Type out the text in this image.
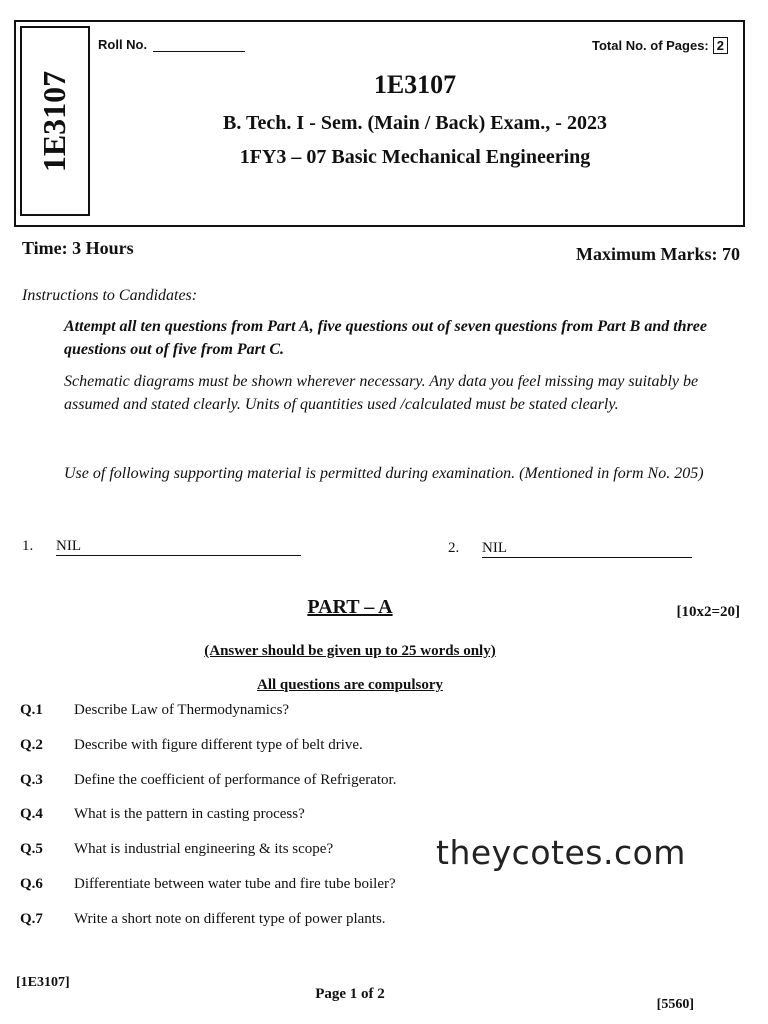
1E3107
Roll No.	Total No. of Pages: 2
1E3107
B. Tech. I - Sem. (Main / Back) Exam., - 2023
1FY3 – 07 Basic Mechanical Engineering
Time: 3 Hours	Maximum Marks: 70
Instructions to Candidates:
Attempt all ten questions from Part A, five questions out of seven questions from Part B and three questions out of five from Part C.
Schematic diagrams must be shown wherever necessary. Any data you feel missing may suitably be assumed and stated clearly. Units of quantities used /calculated must be stated clearly.
Use of following supporting material is permitted during examination. (Mentioned in form No. 205)
1. NIL	2. NIL
PART – A	[10x2=20]
(Answer should be given up to 25 words only)
All questions are compulsory
Q.1	Describe Law of Thermodynamics?
Q.2	Describe with figure different type of belt drive.
Q.3	Define the coefficient of performance of Refrigerator.
Q.4	What is the pattern in casting process?
Q.5	What is industrial engineering & its scope?
Q.6	Differentiate between water tube and fire tube boiler?
Q.7	Write a short note on different type of power plants.
theycotes.com
[1E3107]
Page 1 of 2
[5560]
